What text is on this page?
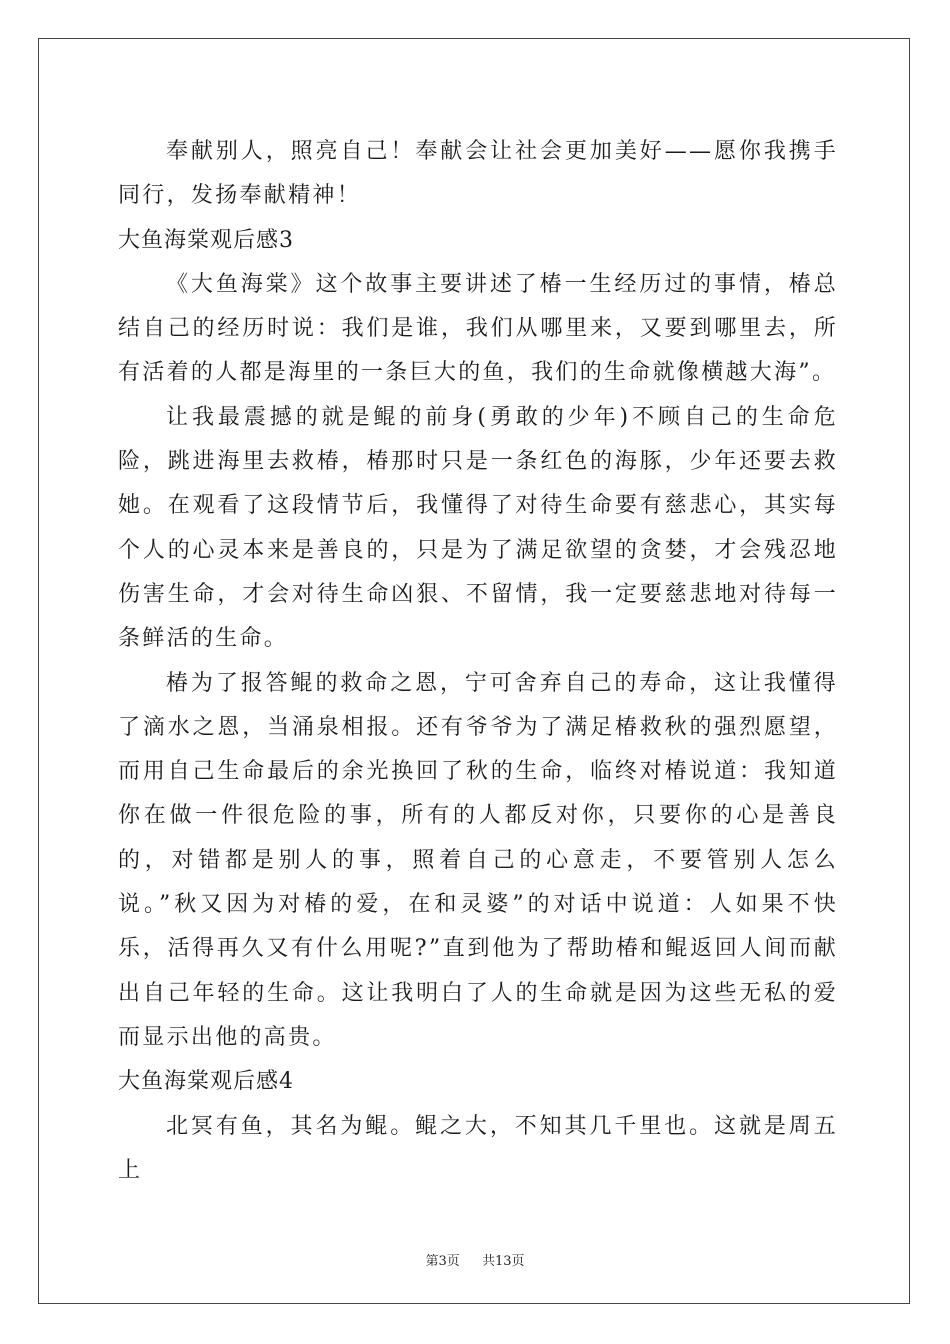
奉献别人，照亮自己！奉献会让社会更加美好——愿你我携手同行，发扬奉献精神！

大鱼海棠观后感3

《大鱼海棠》这个故事主要讲述了椿一生经历过的事情，椿总结自己的经历时说：我们是谁，我们从哪里来，又要到哪里去，所有活着的人都是海里的一条巨大的鱼，我们的生命就像横越大海”。

让我最震撼的就是鲲的前身(勇敢的少年)不顾自己的生命危险，跳进海里去救椿，椿那时只是一条红色的海豚，少年还要去救她。在观看了这段情节后，我懂得了对待生命要有慈悲心，其实每个人的心灵本来是善良的，只是为了满足欲望的贪婪，才会残忍地伤害生命，才会对待生命凶狠、不留情，我一定要慈悲地对待每一条鲜活的生命。

椿为了报答鲲的救命之恩，宁可舍弃自己的寿命，这让我懂得了滴水之恩，当涌泉相报。还有爷爷为了满足椿救秋的强烈愿望，而用自己生命最后的余光换回了秋的生命，临终对椿说道：我知道你在做一件很危险的事，所有的人都反对你，只要你的心是善良的，对错都是别人的事，照着自己的心意走，不要管别人怎么说。”秋又因为对椿的爱，在和灵婆”的对话中说道：人如果不快乐，活得再久又有什么用呢?”直到他为了帮助椿和鲲返回人间而献出自己年轻的生命。这让我明白了人的生命就是因为这些无私的爱而显示出他的高贵。

大鱼海棠观后感4

北冥有鱼，其名为鲲。鲲之大，不知其几千里也。这就是周五上

第3页 共13页
